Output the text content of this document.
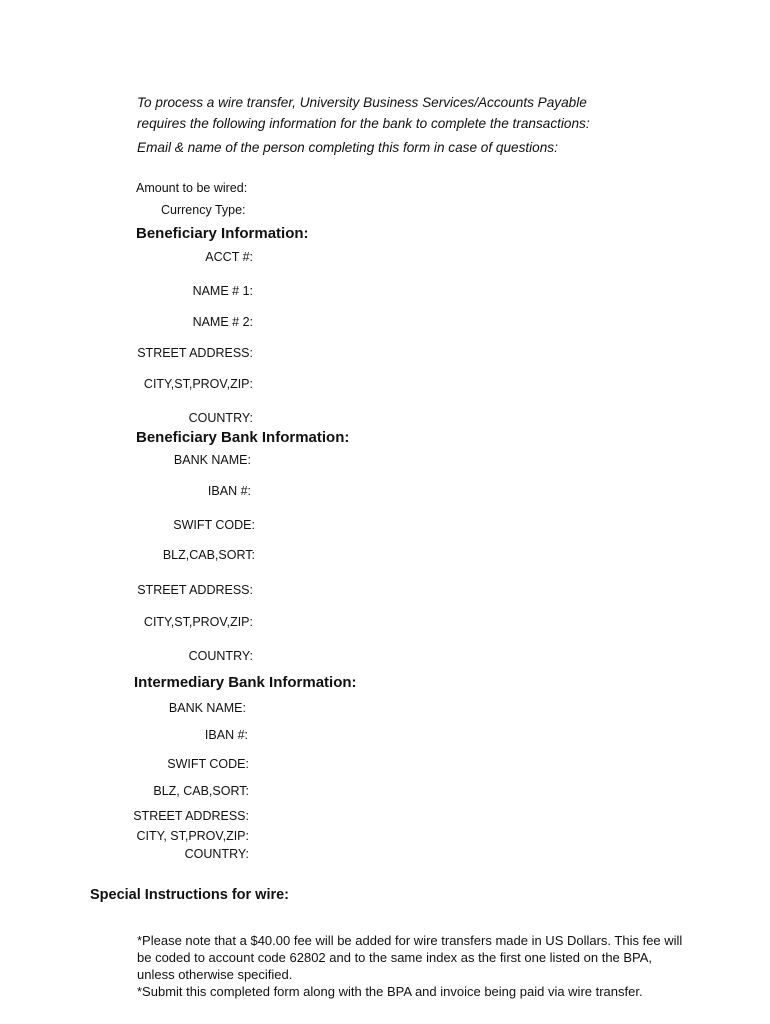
To process a wire transfer, University Business Services/Accounts Payable
requires the following information for the bank to complete the transactions:
Email & name of the person completing this form in case of questions:
Amount to be wired:
Currency Type:
Beneficiary Information:
ACCT #:
NAME # 1:
NAME # 2:
STREET ADDRESS:
CITY,ST,PROV,ZIP:
COUNTRY:
Beneficiary Bank Information:
BANK NAME:
IBAN #:
SWIFT CODE:
BLZ,CAB,SORT:
STREET ADDRESS:
CITY,ST,PROV,ZIP:
COUNTRY:
Intermediary Bank Information:
BANK NAME:
IBAN #:
SWIFT CODE:
BLZ, CAB,SORT:
STREET ADDRESS:
CITY, ST,PROV,ZIP:
COUNTRY:
Special Instructions for wire:
*Please note that a $40.00 fee will be added for wire transfers made in US Dollars. This fee will be coded to account code 62802 and to the same index as the first one listed on the BPA, unless otherwise specified.
*Submit this completed form along with the BPA and invoice being paid via wire transfer.
